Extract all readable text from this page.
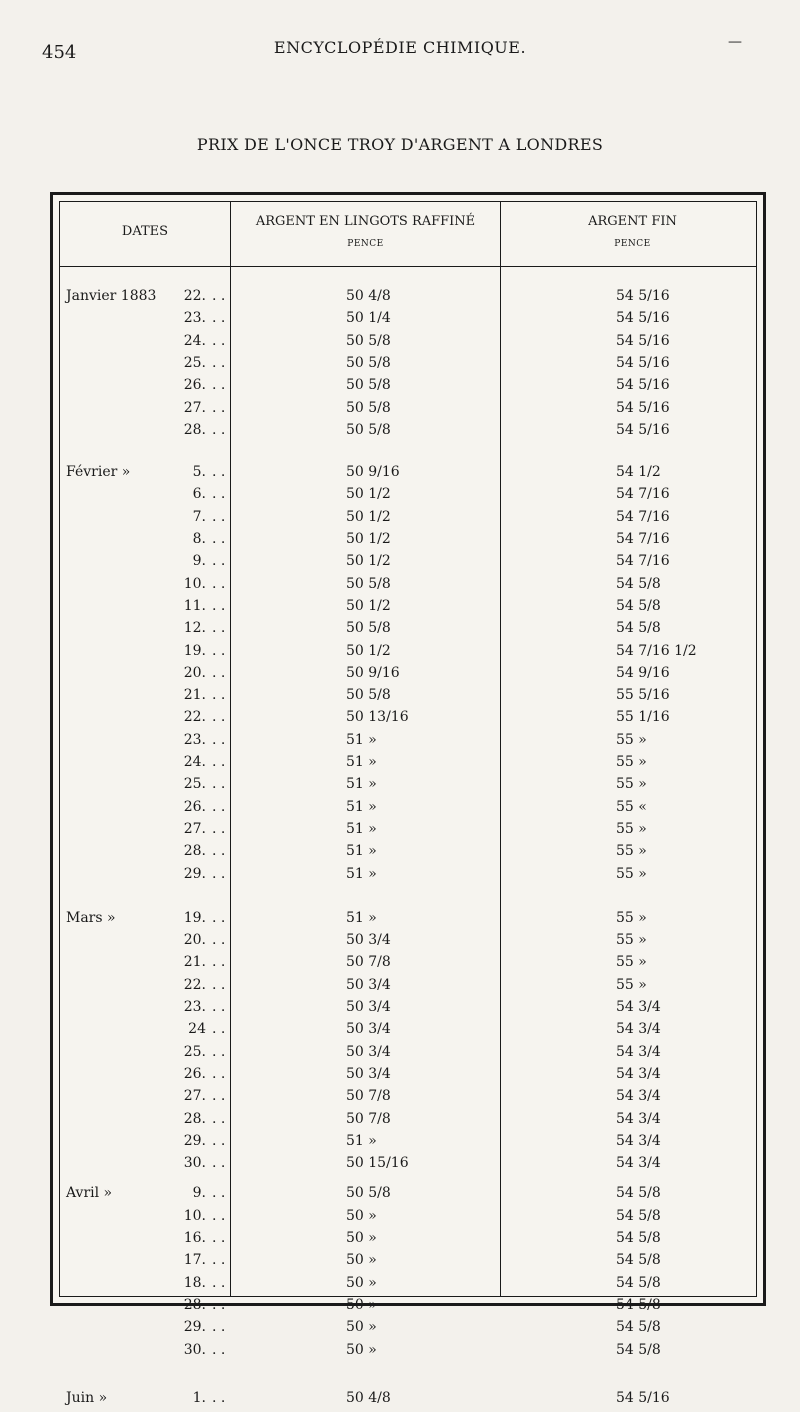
454	ENCYCLOPÉDIE CHIMIQUE.	—
PRIX DE L'ONCE TROY D'ARGENT A LONDRES
DATES
ARGENT EN LINGOTS RAFFINÉ
PENCE
ARGENT FIN
PENCE
Janvier 1883	22. . .	50 4/8	54 5/16
23. . .	50 1/4	54 5/16
24. . .	50 5/8	54 5/16
25. . .	50 5/8	54 5/16
26. . .	50 5/8	54 5/16
27. . .	50 5/8	54 5/16
28. . .	50 5/8	54 5/16
Février »	5. . .	50 9/16	54 1/2
6. . .	50 1/2	54 7/16
7. . .	50 1/2	54 7/16
8. . .	50 1/2	54 7/16
9. . .	50 1/2	54 7/16
10. . .	50 5/8	54 5/8
11. . .	50 1/2	54 5/8
12. . .	50 5/8	54 5/8
19. . .	50 1/2	54 7/16 1/2
20. . .	50 9/16	54 9/16
21. . .	50 5/8	55 5/16
22. . .	50 13/16	55 1/16
23. . .	51 »	55 »
24. . .	51 »	55 »
25. . .	51 »	55 »
26. . .	51 »	55 «
27. . .	51 »	55 »
28. . .	51 »	55 »
29. . .	51 »	55 »
Mars »	19. . .	51 »	55 »
20. . .	50 3/4	55 »
21. . .	50 7/8	55 »
22. . .	50 3/4	55 »
23. . .	50 3/4	54 3/4
24 . .	50 3/4	54 3/4
25. . .	50 3/4	54 3/4
26. . .	50 3/4	54 3/4
27. . .	50 7/8	54 3/4
28. . .	50 7/8	54 3/4
29. . .	51 »	54 3/4
30. . .	50 15/16	54 3/4
Avril »	9. . .	50 5/8	54 5/8
10. . .	50 »	54 5/8
16. . .	50 »	54 5/8
17. . .	50 »	54 5/8
18. . .	50 »	54 5/8
28. . .	50 »	54 5/8
29. . .	50 »	54 5/8
30. . .	50 »	54 5/8
Juin »	1. . .	50 4/8	54 5/16
